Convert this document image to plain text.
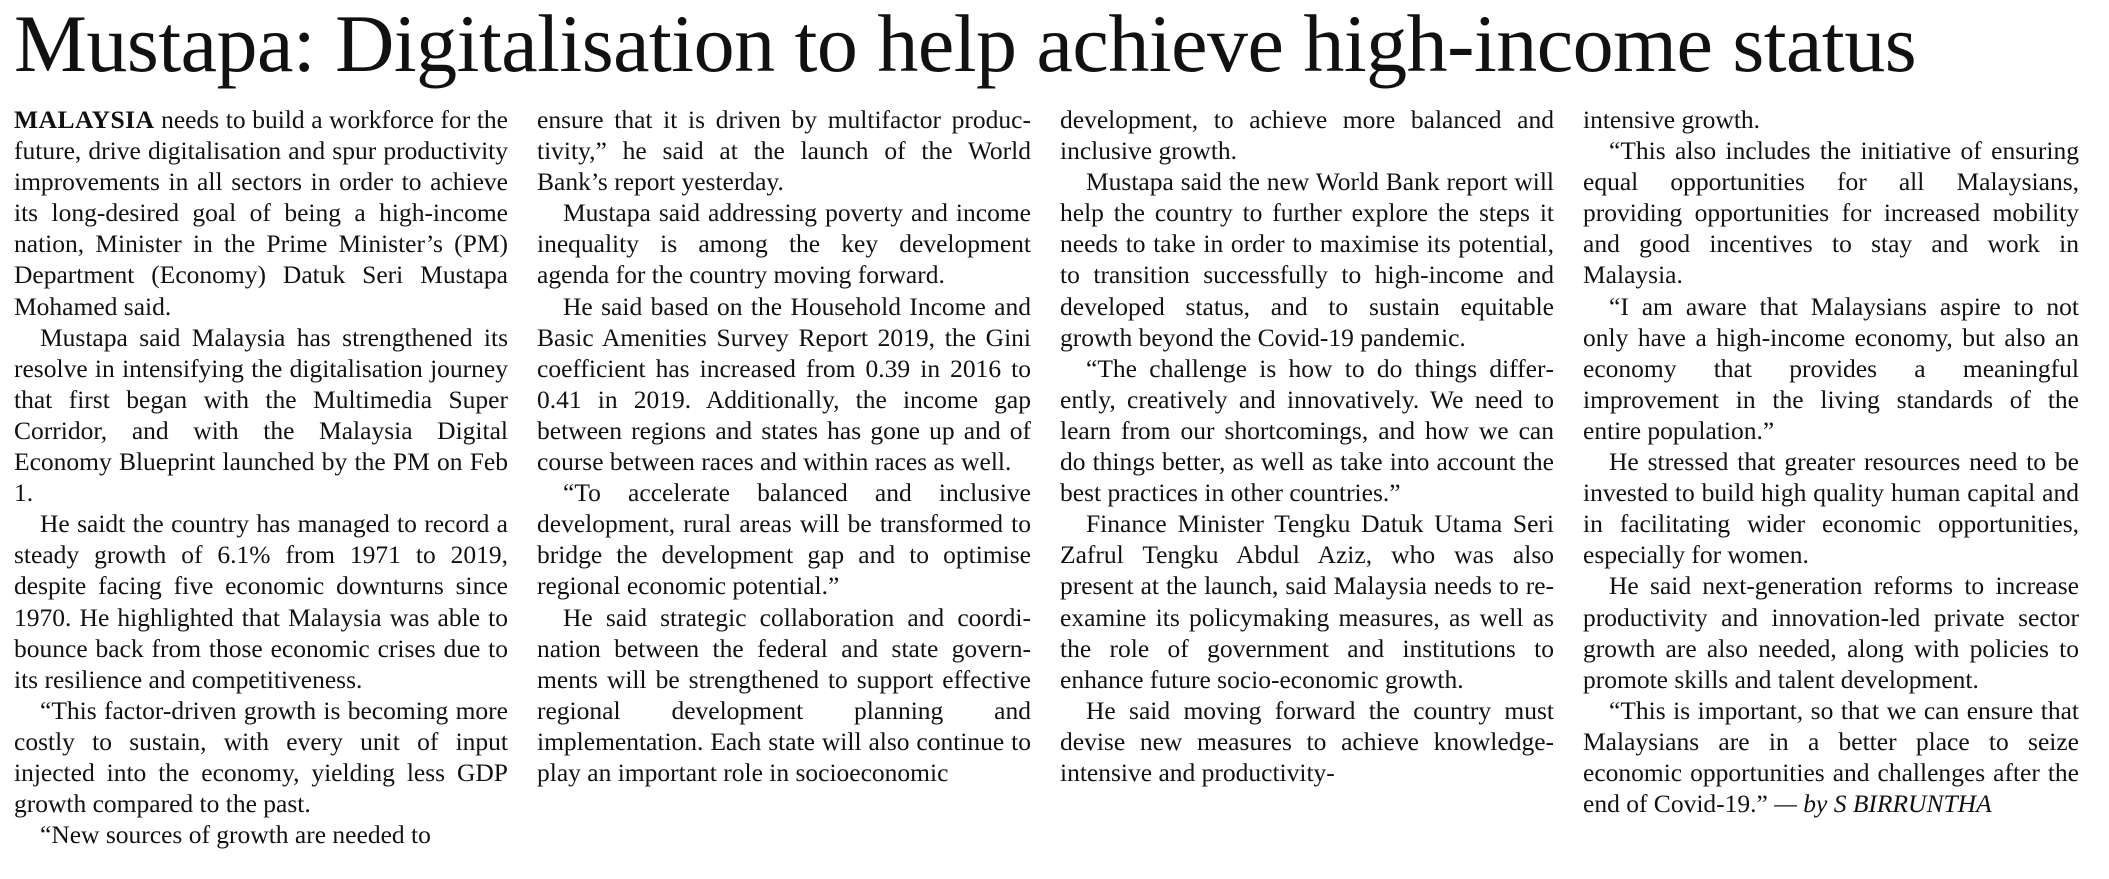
Mustapa: Digitalisation to help achieve high-income status

MALAYSIA needs to build a workforce for the future, drive digitalisation and spur productivity improvements in all sectors in order to achieve its long-desired goal of being a high-income nation, Minister in the Prime Minister’s (PM) Department (Economy) Datuk Seri Mustapa Mohamed said.

Mustapa said Malaysia has strengthened its resolve in intensifying the digitalisation journey that first began with the Multimedia Super Corridor, and with the Malaysia Digital Economy Blueprint launched by the PM on Feb 1.

He saidt the country has managed to record a steady growth of 6.1% from 1971 to 2019, despite facing five economic downturns since 1970. He highlighted that Malaysia was able to bounce back from those economic crises due to its resilience and competitiveness.

“This factor-driven growth is becoming more costly to sustain, with every unit of input injected into the economy, yielding less GDP growth compared to the past.

“New sources of growth are needed to

ensure that it is driven by multifactor productivity,” he said at the launch of the World Bank’s report yesterday.

Mustapa said addressing poverty and income inequality is among the key development agenda for the country moving forward.

He said based on the Household Income and Basic Amenities Survey Report 2019, the Gini coefficient has increased from 0.39 in 2016 to 0.41 in 2019. Additionally, the income gap between regions and states has gone up and of course between races and within races as well.

“To accelerate balanced and inclusive development, rural areas will be transformed to bridge the development gap and to optimise regional economic potential.”

He said strategic collaboration and coordination between the federal and state governments will be strengthened to support effective regional development planning and implementation. Each state will also continue to play an important role in socioeconomic

development, to achieve more balanced and inclusive growth.

Mustapa said the new World Bank report will help the country to further explore the steps it needs to take in order to maximise its potential, to transition successfully to high-income and developed status, and to sustain equitable growth beyond the Covid-19 pandemic.

“The challenge is how to do things differently, creatively and innovatively. We need to learn from our shortcomings, and how we can do things better, as well as take into account the best practices in other countries.”

Finance Minister Tengku Datuk Utama Seri Zafrul Tengku Abdul Aziz, who was also present at the launch, said Malaysia needs to re-examine its policymaking measures, as well as the role of government and institutions to enhance future socio-economic growth.

He said moving forward the country must devise new measures to achieve knowledge-intensive and productivity-

intensive growth.

“This also includes the initiative of ensuring equal opportunities for all Malaysians, providing opportunities for increased mobility and good incentives to stay and work in Malaysia.

“I am aware that Malaysians aspire to not only have a high-income economy, but also an economy that provides a meaningful improvement in the living standards of the entire population.”

He stressed that greater resources need to be invested to build high quality human capital and in facilitating wider economic opportunities, especially for women.

He said next-generation reforms to increase productivity and innovation-led private sector growth are also needed, along with policies to promote skills and talent development.

“This is important, so that we can ensure that Malaysians are in a better place to seize economic opportunities and challenges after the end of Covid-19.” — by S BIRRUNTHA
